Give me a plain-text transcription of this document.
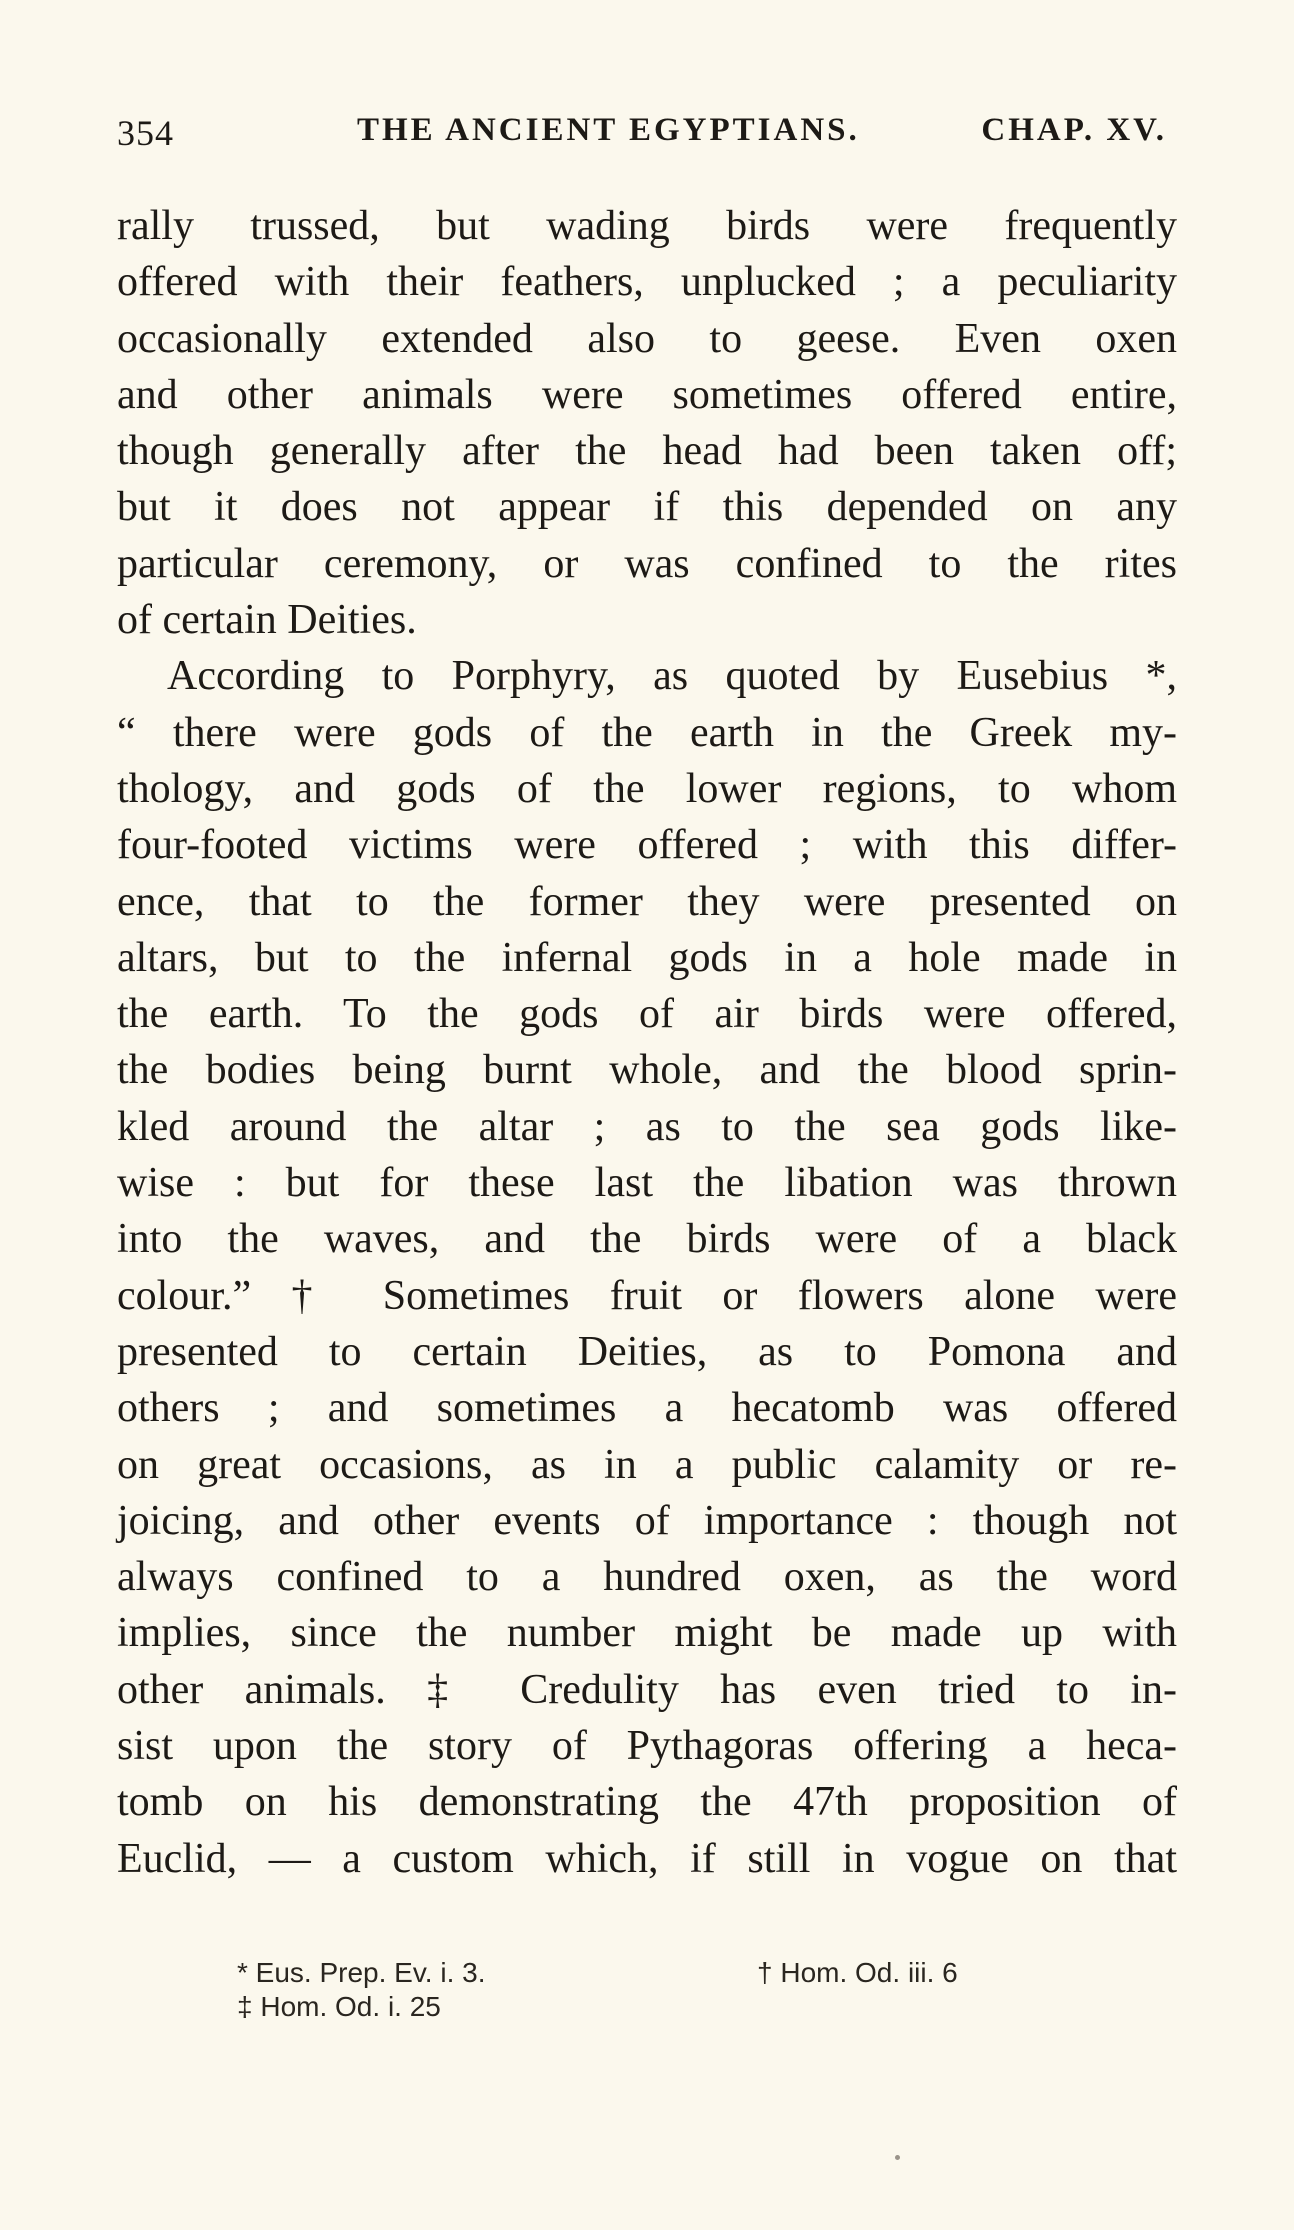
354	THE ANCIENT EGYPTIANS.	CHAP. XV.
rally trussed, but wading birds were frequently
offered with their feathers, unplucked ; a peculiarity
occasionally extended also to geese. Even oxen
and other animals were sometimes offered entire,
though generally after the head had been taken off;
but it does not appear if this depended on any
particular ceremony, or was confined to the rites
of certain Deities.
According to Porphyry, as quoted by Eusebius *,
“ there were gods of the earth in the Greek my-
thology, and gods of the lower regions, to whom
four-footed victims were offered ; with this differ-
ence, that to the former they were presented on
altars, but to the infernal gods in a hole made in
the earth. To the gods of air birds were offered,
the bodies being burnt whole, and the blood sprin-
kled around the altar ; as to the sea gods like-
wise : but for these last the libation was thrown
into the waves, and the birds were of a black
colour.” † Sometimes fruit or flowers alone were
presented to certain Deities, as to Pomona and
others ; and sometimes a hecatomb was offered
on great occasions, as in a public calamity or re-
joicing, and other events of importance : though not
always confined to a hundred oxen, as the word
implies, since the number might be made up with
other animals. ‡ Credulity has even tried to in-
sist upon the story of Pythagoras offering a heca-
tomb on his demonstrating the 47th proposition of
Euclid, — a custom which, if still in vogue on that
* Eus. Prep. Ev. i. 3.	† Hom. Od. iii. 6
‡ Hom. Od. i. 25
